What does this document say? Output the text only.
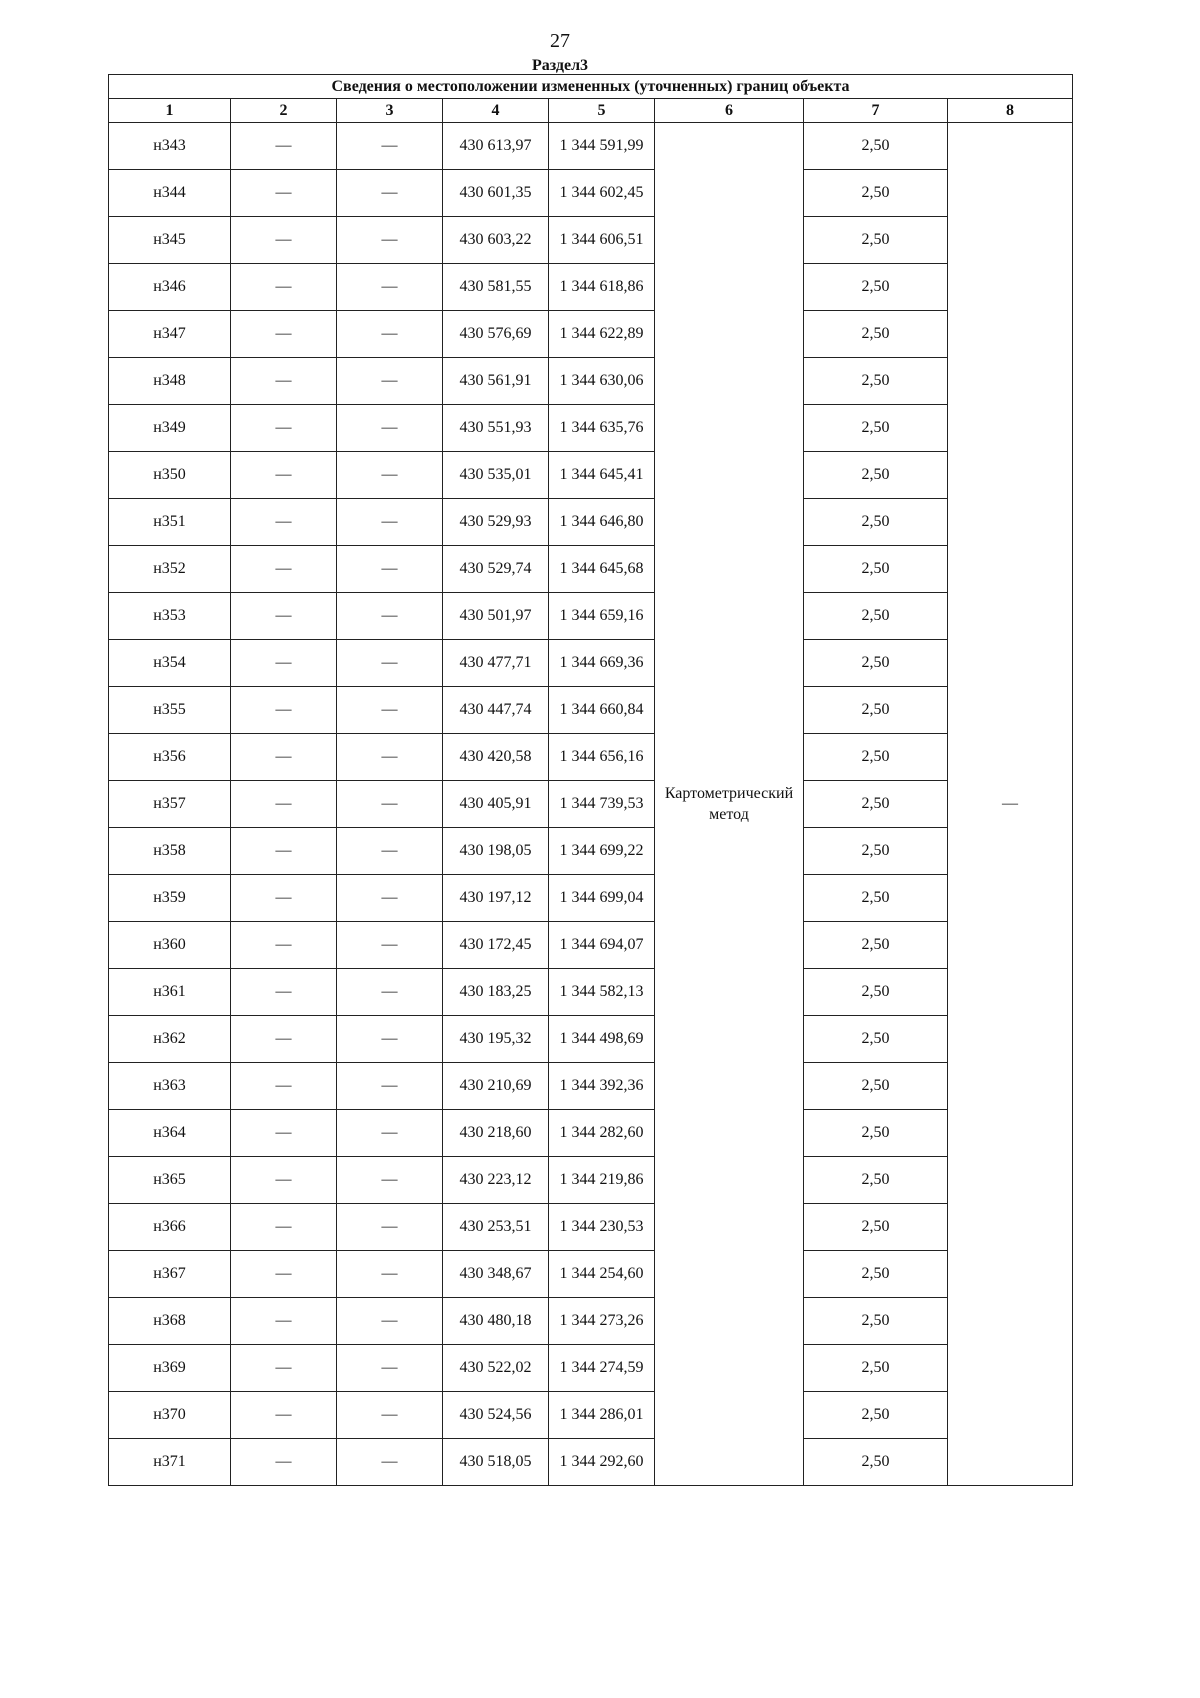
27
Раздел3
Сведения о местоположении измененных (уточненных) границ объекта							
1	2	3	4	5	6	7	8
н343	—	—	430 613,97	1 344 591,99	Картометрический метод	2,50	—
н344	—	—	430 601,35	1 344 602,45		2,50	
н345	—	—	430 603,22	1 344 606,51		2,50	
н346	—	—	430 581,55	1 344 618,86		2,50	
н347	—	—	430 576,69	1 344 622,89		2,50	
н348	—	—	430 561,91	1 344 630,06		2,50	
н349	—	—	430 551,93	1 344 635,76		2,50	
н350	—	—	430 535,01	1 344 645,41		2,50	
н351	—	—	430 529,93	1 344 646,80		2,50	
н352	—	—	430 529,74	1 344 645,68		2,50	
н353	—	—	430 501,97	1 344 659,16		2,50	
н354	—	—	430 477,71	1 344 669,36		2,50	
н355	—	—	430 447,74	1 344 660,84		2,50	
н356	—	—	430 420,58	1 344 656,16		2,50	
н357	—	—	430 405,91	1 344 739,53		2,50	
н358	—	—	430 198,05	1 344 699,22		2,50	
н359	—	—	430 197,12	1 344 699,04		2,50	
н360	—	—	430 172,45	1 344 694,07		2,50	
н361	—	—	430 183,25	1 344 582,13		2,50	
н362	—	—	430 195,32	1 344 498,69		2,50	
н363	—	—	430 210,69	1 344 392,36		2,50	
н364	—	—	430 218,60	1 344 282,60		2,50	
н365	—	—	430 223,12	1 344 219,86		2,50	
н366	—	—	430 253,51	1 344 230,53		2,50	
н367	—	—	430 348,67	1 344 254,60		2,50	
н368	—	—	430 480,18	1 344 273,26		2,50	
н369	—	—	430 522,02	1 344 274,59		2,50	
н370	—	—	430 524,56	1 344 286,01		2,50	
н371	—	—	430 518,05	1 344 292,60		2,50	
